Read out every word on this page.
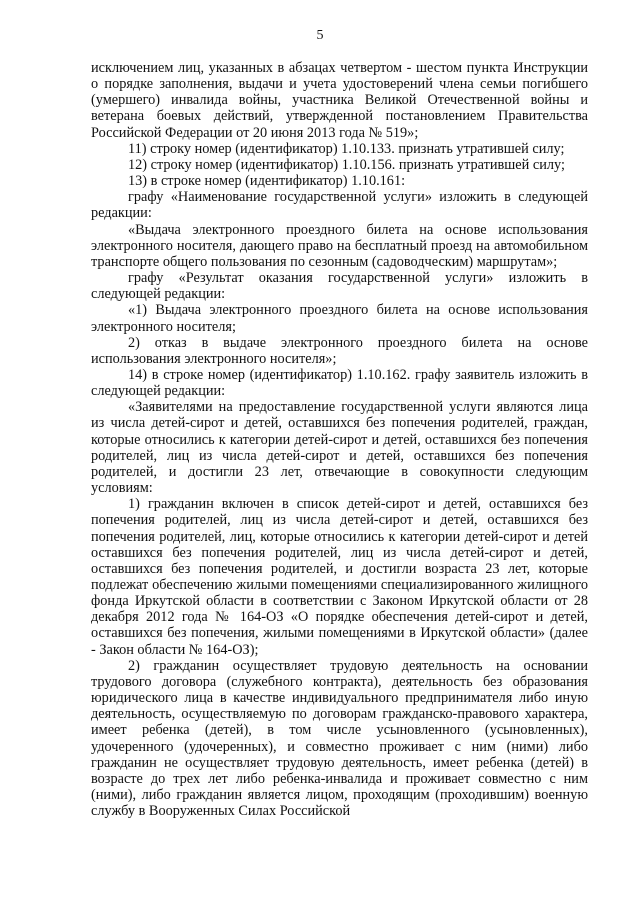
5

исключением лиц, указанных в абзацах четвертом - шестом пункта Инструкции о порядке заполнения, выдачи и учета удостоверений члена семьи погибшего (умершего) инвалида войны, участника Великой Отечественной войны и ветерана боевых действий, утвержденной постановлением Правительства Российской Федерации от 20 июня 2013 года № 519»;

11) строку номер (идентификатор) 1.10.133. признать утратившей силу;

12) строку номер (идентификатор) 1.10.156. признать утратившей силу;

13) в строке номер (идентификатор) 1.10.161:

графу «Наименование государственной услуги» изложить в следующей редакции:

«Выдача электронного проездного билета на основе использования электронного носителя, дающего право на бесплатный проезд на автомобильном транспорте общего пользования по сезонным (садоводческим) маршрутам»;

графу «Результат оказания государственной услуги» изложить в следующей редакции:

«1) Выдача электронного проездного билета на основе использования электронного носителя;

2) отказ в выдаче электронного проездного билета на основе использования электронного носителя»;

14) в строке номер (идентификатор) 1.10.162. графу заявитель изложить в следующей редакции:

«Заявителями на предоставление государственной услуги являются лица из числа детей-сирот и детей, оставшихся без попечения родителей, граждан, которые относились к категории детей-сирот и детей, оставшихся без попечения родителей, лиц из числа детей-сирот и детей, оставшихся без попечения родителей, и достигли 23 лет, отвечающие в совокупности следующим условиям:

1) гражданин включен в список детей-сирот и детей, оставшихся без попечения родителей, лиц из числа детей-сирот и детей, оставшихся без попечения родителей, лиц, которые относились к категории детей-сирот и детей оставшихся без попечения родителей, лиц из числа детей-сирот и детей, оставшихся без попечения родителей, и достигли возраста 23 лет, которые подлежат обеспечению жилыми помещениями специализированного жилищного фонда Иркутской области в соответствии с Законом Иркутской области от 28 декабря 2012 года № 164-ОЗ «О порядке обеспечения детей-сирот и детей, оставшихся без попечения, жилыми помещениями в Иркутской области» (далее - Закон области № 164-ОЗ);

2) гражданин осуществляет трудовую деятельность на основании трудового договора (служебного контракта), деятельность без образования юридического лица в качестве индивидуального предпринимателя либо иную деятельность, осуществляемую по договорам гражданско-правового характера, имеет ребенка (детей), в том числе усыновленного (усыновленных), удочеренного (удочеренных), и совместно проживает с ним (ними) либо гражданин не осуществляет трудовую деятельность, имеет ребенка (детей) в возрасте до трех лет либо ребенка-инвалида и проживает совместно с ним (ними), либо гражданин является лицом, проходящим (проходившим) военную службу в Вооруженных Силах Российской
